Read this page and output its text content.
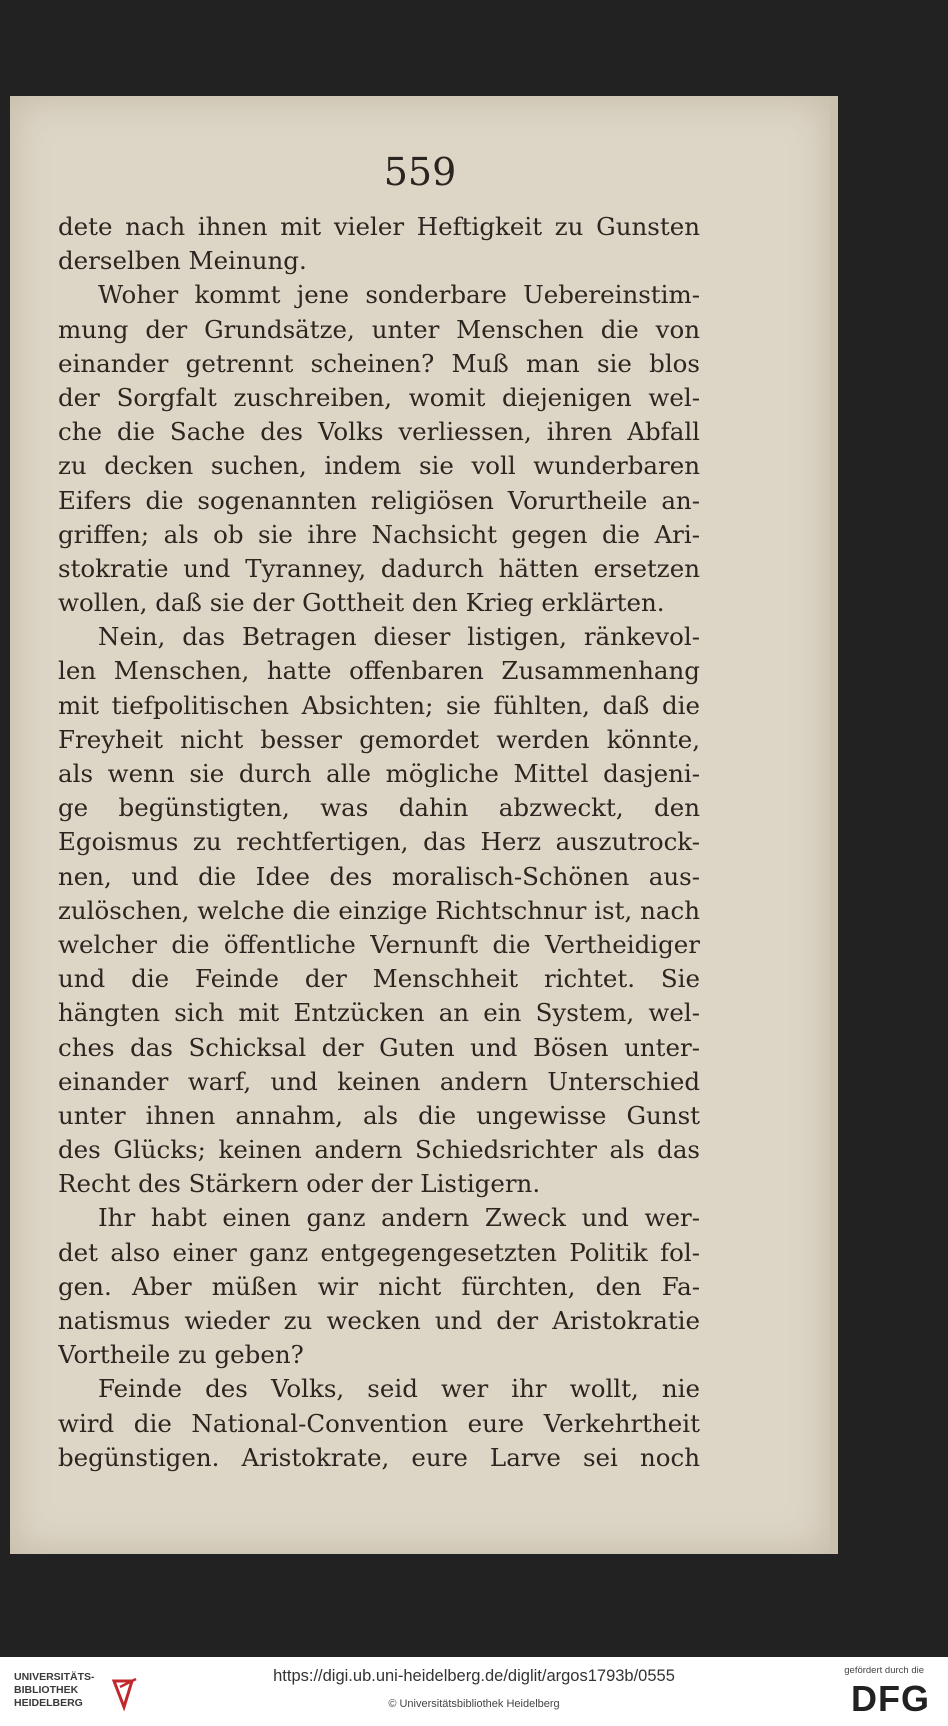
559
dete nach ihnen mit vieler Heftigkeit zu Gunsten
derselben Meinung.
Woher kommt jene sonderbare Uebereinstim-
mung der Grundsätze, unter Menschen die von
einander getrennt scheinen? Muß man sie blos
der Sorgfalt zuschreiben, womit diejenigen wel-
che die Sache des Volks verliessen, ihren Abfall
zu decken suchen, indem sie voll wunderbaren
Eifers die sogenannten religiösen Vorurtheile an-
griffen; als ob sie ihre Nachsicht gegen die Ari-
stokratie und Tyranney, dadurch hätten ersetzen
wollen, daß sie der Gottheit den Krieg erklärten.
Nein, das Betragen dieser listigen, ränkevol-
len Menschen, hatte offenbaren Zusammenhang
mit tiefpolitischen Absichten; sie fühlten, daß die
Freyheit nicht besser gemordet werden könnte,
als wenn sie durch alle mögliche Mittel dasjeni-
ge begünstigten, was dahin abzweckt, den
Egoismus zu rechtfertigen, das Herz auszutrock-
nen, und die Idee des moralisch-Schönen aus-
zulöschen, welche die einzige Richtschnur ist, nach
welcher die öffentliche Vernunft die Vertheidiger
und die Feinde der Menschheit richtet. Sie
hängten sich mit Entzücken an ein System, wel-
ches das Schicksal der Guten und Bösen unter-
einander warf, und keinen andern Unterschied
unter ihnen annahm, als die ungewisse Gunst
des Glücks; keinen andern Schiedsrichter als das
Recht des Stärkern oder der Listigern.
Ihr habt einen ganz andern Zweck und wer-
det also einer ganz entgegengesetzten Politik fol-
gen. Aber müßen wir nicht fürchten, den Fa-
natismus wieder zu wecken und der Aristokratie
Vortheile zu geben?
Feinde des Volks, seid wer ihr wollt, nie
wird die National-Convention eure Verkehrtheit
begünstigen. Aristokrate, eure Larve sei noch
UNIVERSITÄTS-
BIBLIOTHEK
HEIDELBERG
https://digi.ub.uni-heidelberg.de/diglit/argos1793b/0555
© Universitätsbibliothek Heidelberg
gefördert durch die
DFG
